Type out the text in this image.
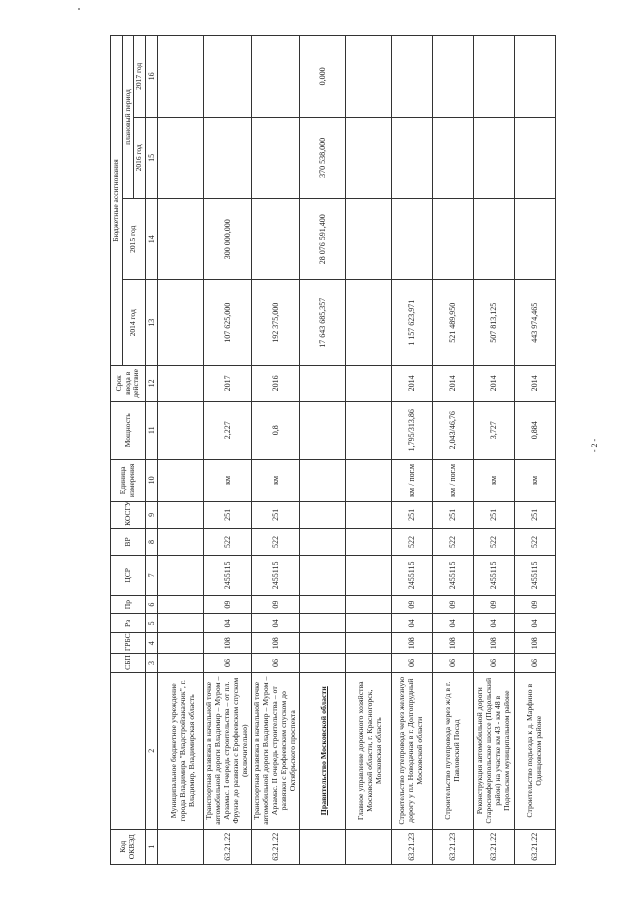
Код ОКВЭД		СБП	ГРБС	Рз	Пр	ЦСР	ВР	КОСГУ	Единица измерения	Мощность	Срок ввода в действие	Бюджетные ассигнования			
												2014 год	2015 год	плановый период	
														2016 год	2017 год
1	2	3	4	5	6	7	8	9	10	11	12	13	14	15	16
	Муниципальное бюджетное учреждение города Владимира "Владстройзаказчик", г. Владимир, Владимирская область														
63.21.22	Транспортная развязка в начальной точке автомобильной дороги Владимир – Муром – Арзамас. I очередь строительства – от пл. Фрунзе до развязки с Ерофеевским спуском (включительно)	06	108	04	09	2455115	522	251	км	2,227	2017	107 625,000	300 000,000		
63.21.22	Транспортная развязка в начальной точке автомобильной дороги Владимир – Муром – Арзамас. II очередь строительства – от развязки с Ерофеевским спуском до Октябрьского проспекта	06	108	04	09	2455115	522	251	км	0,8	2016	192 375,000			
	Правительство Московской области											17 643 685,357	28 076 591,400	370 538,000	0,000
	Главное управление дорожного хозяйства Московской области, г. Красногорск, Московская область														
63.21.23	Строительство путепровода через железную дорогу у пл. Новодачная в г. Долгопрудный Московской области	06	108	04	09	2455115	522	251	км / пог.м	1,795/313,86	2014	1 157 623,971			
63.21.23	Строительство путепровода через ж/д в г. Павловский Посад	06	108	04	09	2455115	522	251	км / пог.м	2,043/46,76	2014	521 489,950			
63.21.22	Реконструкция автомобильной дороги Старосимферопольское шоссе (Подольский район) на участке км 43 - км 48 в Подольском муниципальном районе	06	108	04	09	2455115	522	251	км	3,727	2014	507 813,125			
63.21.22	Строительство подъезда к д. Марфино в Одинцовском районе	06	108	04	09	2455115	522	251	км	0,884	2014	443 974,465			
- 2 -
